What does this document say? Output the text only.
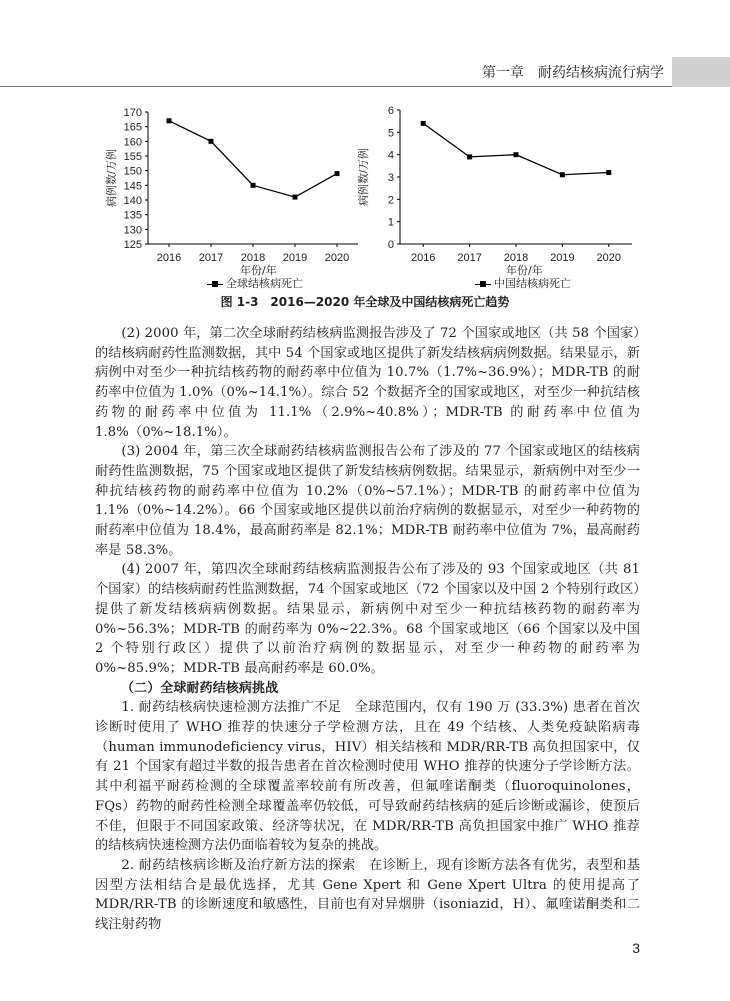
第一章　耐药结核病流行病学
170
165
160
155
150
145
140
135
130
125
2016 2017 2018 2019 2020
病例数/万例
年份/年
全球结核病死亡
6
5
4
3
2
1
0
2016 2017 2018 2019 2020
病例数/万例
年份/年
中国结核病死亡
图 1-3　2016—2020 年全球及中国结核病死亡趋势

(2) 2000 年，第二次全球耐药结核病监测报告涉及了 72 个国家或地区（共 58 个国家）的结核病耐药性监测数据，其中 54 个国家或地区提供了新发结核病病例数据。结果显示，新病例中对至少一种抗结核药物的耐药率中位值为 10.7%（1.7%~36.9%）；MDR-TB 的耐药率中位值为 1.0%（0%~14.1%）。综合 52 个数据齐全的国家或地区，对至少一种抗结核药物的耐药率中位值为 11.1%（2.9%~40.8%）；MDR-TB 的耐药率中位值为 1.8%（0%~18.1%）。

(3) 2004 年，第三次全球耐药结核病监测报告公布了涉及的 77 个国家或地区的结核病耐药性监测数据，75 个国家或地区提供了新发结核病例数据。结果显示，新病例中对至少一种抗结核药物的耐药率中位值为 10.2%（0%~57.1%）；MDR-TB 的耐药率中位值为 1.1%（0%~14.2%）。66 个国家或地区提供以前治疗病例的数据显示，对至少一种药物的耐药率中位值为 18.4%，最高耐药率是 82.1%；MDR-TB 耐药率中位值为 7%，最高耐药率是 58.3%。

(4) 2007 年，第四次全球耐药结核病监测报告公布了涉及的 93 个国家或地区（共 81 个国家）的结核病耐药性监测数据，74 个国家或地区（72 个国家以及中国 2 个特别行政区）提供了新发结核病病例数据。结果显示，新病例中对至少一种抗结核药物的耐药率为 0%~56.3%；MDR-TB 的耐药率为 0%~22.3%。68 个国家或地区（66 个国家以及中国 2 个特别行政区）提供了以前治疗病例的数据显示，对至少一种药物的耐药率为 0%~85.9%；MDR-TB 最高耐药率是 60.0%。

（二）全球耐药结核病挑战

1. 耐药结核病快速检测方法推广不足　全球范围内，仅有 190 万 (33.3%) 患者在首次诊断时使用了 WHO 推荐的快速分子学检测方法，且在 49 个结核、人类免疫缺陷病毒（human immunodeficiency virus，HIV）相关结核和 MDR/RR-TB 高负担国家中，仅有 21 个国家有超过半数的报告患者在首次检测时使用 WHO 推荐的快速分子学诊断方法。其中利福平耐药检测的全球覆盖率较前有所改善，但氟喹诺酮类（fluoroquinolones，FQs）药物的耐药性检测全球覆盖率仍较低，可导致耐药结核病的延后诊断或漏诊，使预后不佳，但限于不同国家政策、经济等状况，在 MDR/RR-TB 高负担国家中推广 WHO 推荐的结核病快速检测方法仍面临着较为复杂的挑战。

2. 耐药结核病诊断及治疗新方法的探索　在诊断上，现有诊断方法各有优劣，表型和基因型方法相结合是最优选择，尤其 Gene Xpert 和 Gene Xpert Ultra 的使用提高了 MDR/RR-TB 的诊断速度和敏感性，目前也有对异烟肼（isoniazid，H）、氟喹诺酮类和二线注射药物

3
